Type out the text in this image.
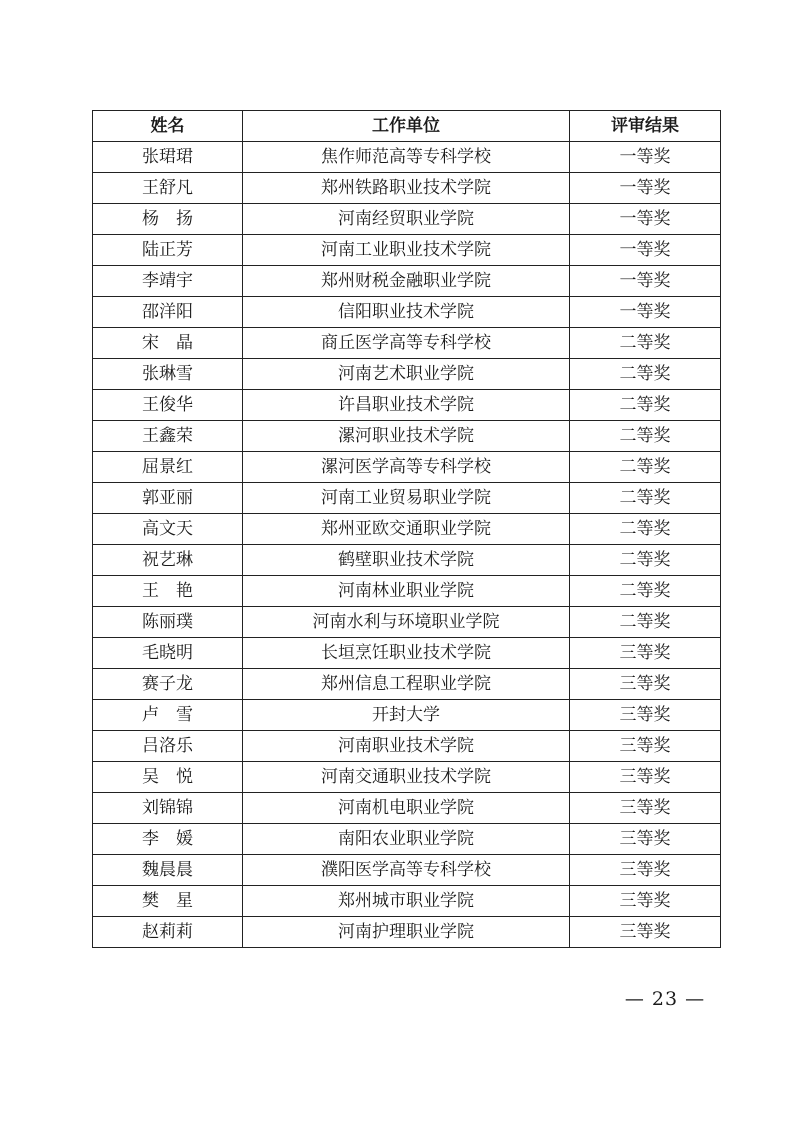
姓名	工作单位	评审结果
张珺珺	焦作师范高等专科学校	一等奖
王舒凡	郑州铁路职业技术学院	一等奖
杨　扬	河南经贸职业学院	一等奖
陆正芳	河南工业职业技术学院	一等奖
李靖宇	郑州财税金融职业学院	一等奖
邵洋阳	信阳职业技术学院	一等奖
宋　晶	商丘医学高等专科学校	二等奖
张琳雪	河南艺术职业学院	二等奖
王俊华	许昌职业技术学院	二等奖
王鑫荣	漯河职业技术学院	二等奖
屈景红	漯河医学高等专科学校	二等奖
郭亚丽	河南工业贸易职业学院	二等奖
高文天	郑州亚欧交通职业学院	二等奖
祝艺琳	鹤壁职业技术学院	二等奖
王　艳	河南林业职业学院	二等奖
陈丽璞	河南水利与环境职业学院	二等奖
毛晓明	长垣烹饪职业技术学院	三等奖
赛子龙	郑州信息工程职业学院	三等奖
卢　雪	开封大学	三等奖
吕洛乐	河南职业技术学院	三等奖
吴　悦	河南交通职业技术学院	三等奖
刘锦锦	河南机电职业学院	三等奖
李　媛	南阳农业职业学院	三等奖
魏晨晨	濮阳医学高等专科学校	三等奖
樊　星	郑州城市职业学院	三等奖
赵莉莉	河南护理职业学院	三等奖
— 23 —
